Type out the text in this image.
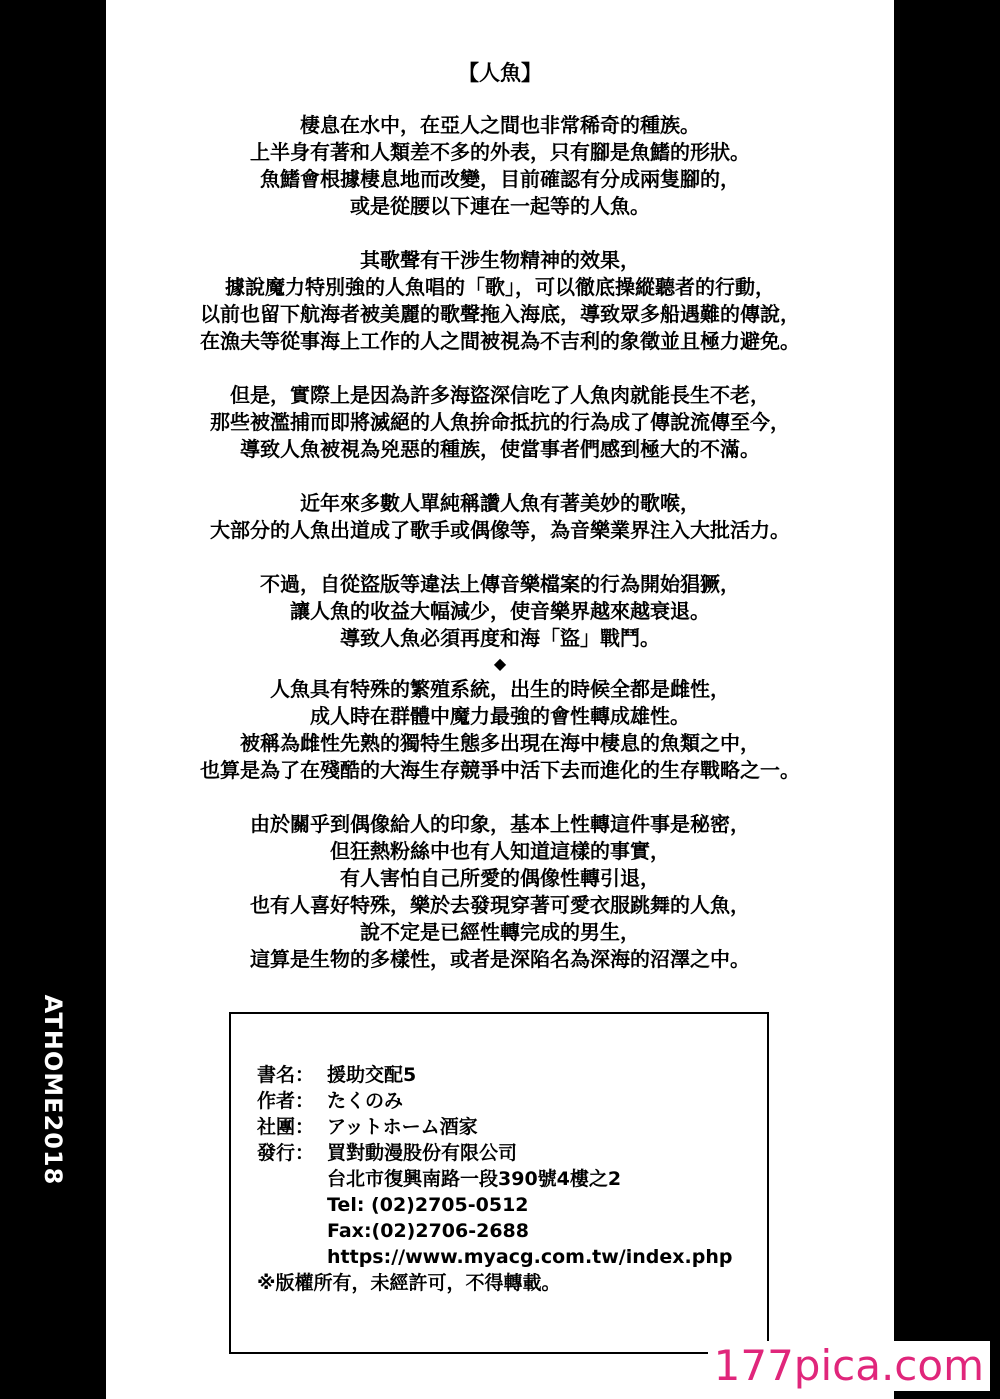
ATHOME2018
【人魚】
棲息在水中，在亞人之間也非常稀奇的種族。
上半身有著和人類差不多的外表，只有腳是魚鰭的形狀。
魚鰭會根據棲息地而改變，目前確認有分成兩隻腳的，
或是從腰以下連在一起等的人魚。
其歌聲有干涉生物精神的效果，
據說魔力特別強的人魚唱的「歌」，可以徹底操縱聽者的行動，
以前也留下航海者被美麗的歌聲拖入海底，導致眾多船遇難的傳說，
在漁夫等從事海上工作的人之間被視為不吉利的象徵並且極力避免。
但是，實際上是因為許多海盜深信吃了人魚肉就能長生不老，
那些被濫捕而即將滅絕的人魚拚命抵抗的行為成了傳說流傳至今，
導致人魚被視為兇惡的種族，使當事者們感到極大的不滿。
近年來多數人單純稱讚人魚有著美妙的歌喉，
大部分的人魚出道成了歌手或偶像等，為音樂業界注入大批活力。
不過，自從盜版等違法上傳音樂檔案的行為開始猖獗，
讓人魚的收益大幅減少，使音樂界越來越衰退。
導致人魚必須再度和海「盜」戰鬥。
◆
人魚具有特殊的繁殖系統，出生的時候全都是雌性，
成人時在群體中魔力最強的會性轉成雄性。
被稱為雌性先熟的獨特生態多出現在海中棲息的魚類之中，
也算是為了在殘酷的大海生存競爭中活下去而進化的生存戰略之一。
由於關乎到偶像給人的印象，基本上性轉這件事是秘密，
但狂熱粉絲中也有人知道這樣的事實，
有人害怕自己所愛的偶像性轉引退，
也有人喜好特殊，樂於去發現穿著可愛衣服跳舞的人魚，
說不定是已經性轉完成的男生，
這算是生物的多樣性，或者是深陷名為深海的沼澤之中。
書名： 援助交配5
作者： たくのみ
社團： アットホーム酒家
發行： 買對動漫股份有限公司
台北市復興南路一段390號4樓之2
Tel: (02)2705-0512
Fax:(02)2706-2688
https://www.myacg.com.tw/index.php
※版權所有，未經許可，不得轉載。
177pica.com
